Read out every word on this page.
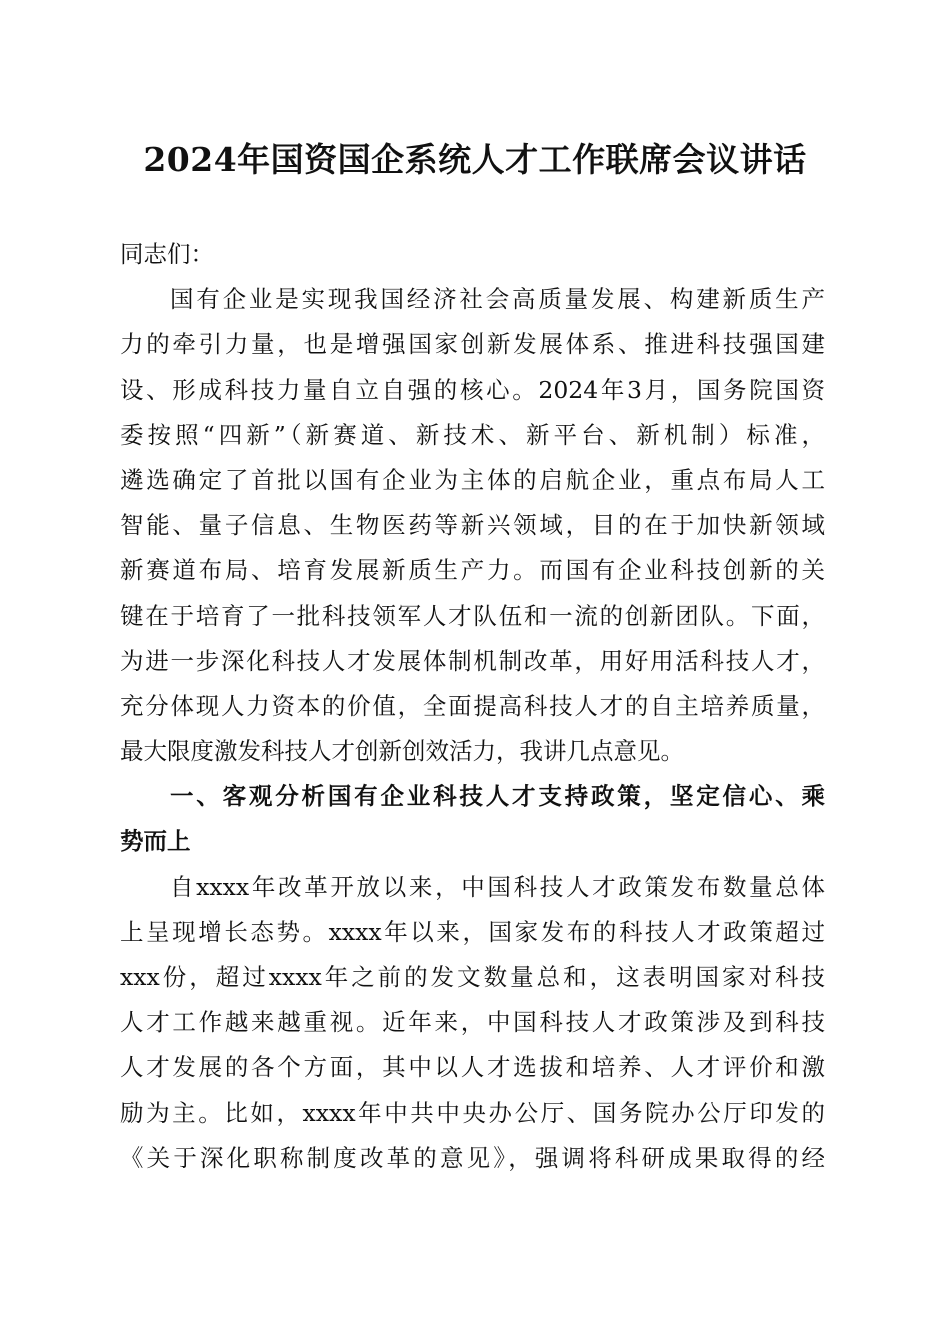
2024年国资国企系统人才工作联席会议讲话
同志们：
国有企业是实现我国经济社会高质量发展、构建新质生产
力的牵引力量，也是增强国家创新发展体系、推进科技强国建
设、形成科技力量自立自强的核心。2024年3月，国务院国资
委按照“四新”（新赛道、新技术、新平台、新机制）标准，
遴选确定了首批以国有企业为主体的启航企业，重点布局人工
智能、量子信息、生物医药等新兴领域，目的在于加快新领域
新赛道布局、培育发展新质生产力。而国有企业科技创新的关
键在于培育了一批科技领军人才队伍和一流的创新团队。下面，
为进一步深化科技人才发展体制机制改革，用好用活科技人才，
充分体现人力资本的价值，全面提高科技人才的自主培养质量，
最大限度激发科技人才创新创效活力，我讲几点意见。
一、客观分析国有企业科技人才支持政策，坚定信心、乘
势而上
自xxxx年改革开放以来，中国科技人才政策发布数量总体
上呈现增长态势。xxxx年以来，国家发布的科技人才政策超过
xxx份，超过xxxx年之前的发文数量总和，这表明国家对科技
人才工作越来越重视。近年来，中国科技人才政策涉及到科技
人才发展的各个方面，其中以人才选拔和培养、人才评价和激
励为主。比如，xxxx年中共中央办公厅、国务院办公厅印发的
《关于深化职称制度改革的意见》，强调将科研成果取得的经
